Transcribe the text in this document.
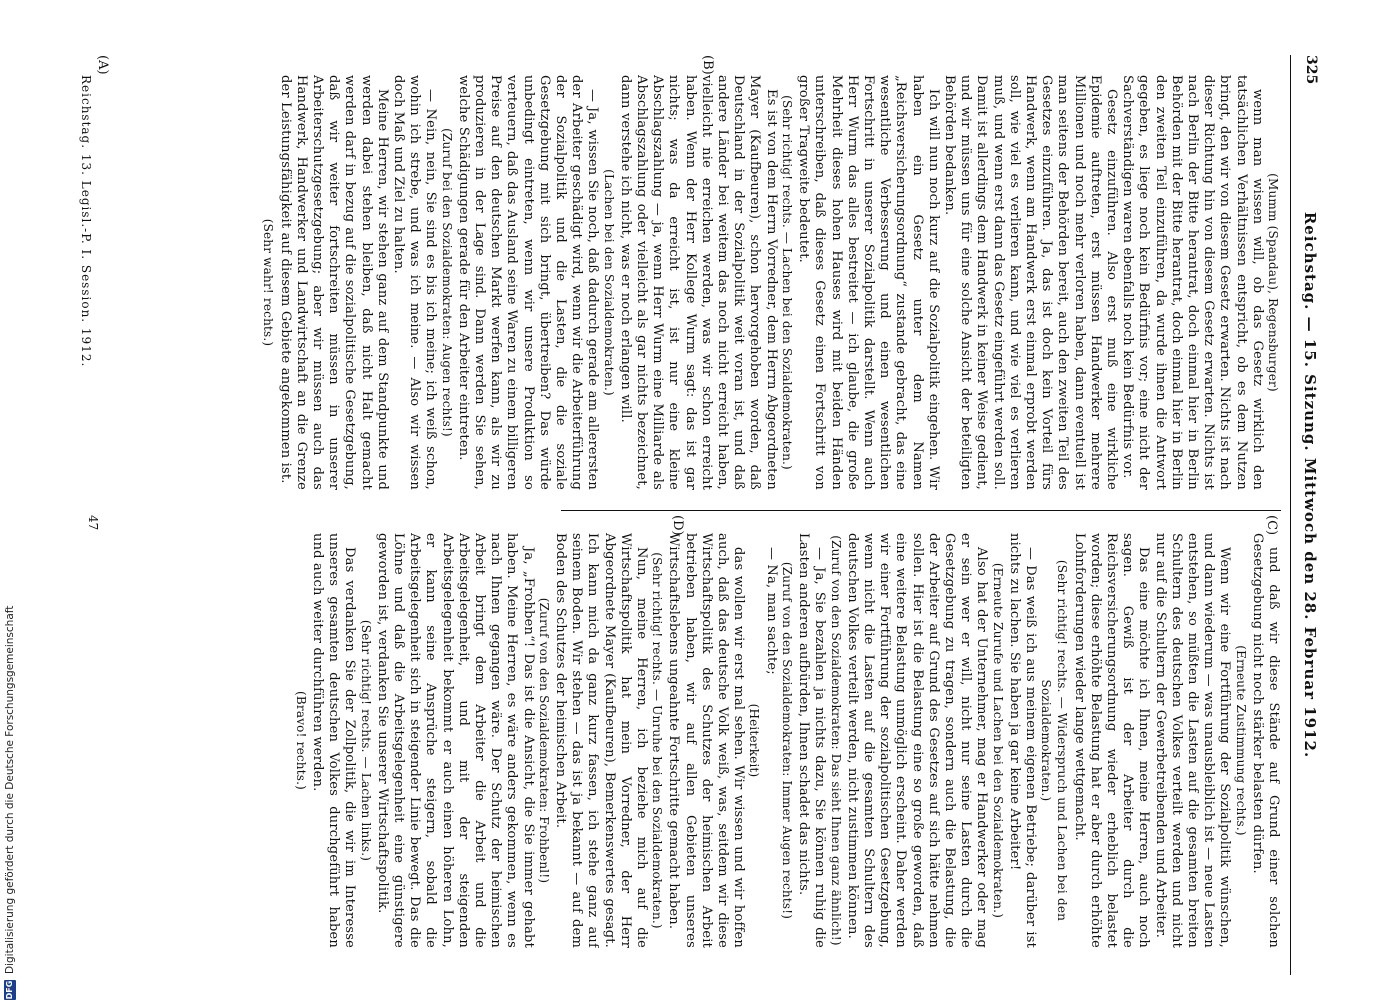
325
Reichstag. — 15. Sitzung. Mittwoch den 28. Februar 1912.
(C)
(D)
(A)	(B)

(Mumm (Spandau), Regensburger)

wenn man wissen will, ob das Gesetz wirklich den tatsächlichen Verhältnissen entspricht, ob es dem Nutzen bringt, den wir von diesem Gesetz erwarten. Nichts ist nach dieser Richtung hin von diesem Gesetz erwarten. Nichts ist nach Berlin der Bitte herantrat, doch einmal hier in Berlin Behörden mit der Bitte herantrat, doch einmal hier in Berlin den zweiten Teil einzuführen, da wurde ihnen die Antwort gegeben, es liege noch kein Bedürfnis vor; eine nicht der Sachverständigen waren ebenfalls noch kein Bedürfnis vor.

Gesetz einzuführen. Also erst muß eine wirkliche Epidemie auftreten, erst müssen Handwerker mehrere Millionen und noch mehr verloren haben, dann eventuell ist man seitens der Behörden bereit, auch den zweiten Teil des Gesetzes einzuführen. Ja, das ist doch kein Vorteil fürs Handwerk, wenn am Handwerk erst einmal erprobt werden soll, wie viel es verlieren kann, und wie viel es verlieren muß, und wenn erst dann das Gesetz eingeführt werden soll. Damit ist allerdings dem Handwerk in keiner Weise gedient, und wir müssen uns für eine solche Ansicht der beteiligten Behörden bedanken.

Ich will nun noch kurz auf die Sozialpolitik eingehen. Wir haben ein Gesetz unter dem Namen „Reichsversicherungsordnung“ zustande gebracht, das eine wesentliche Verbesserung und einen wesentlichen Fortschritt in unserer Sozialpolitik darstellt. Wenn auch Herr Wurm das alles bestreitet — ich glaube, die große Mehrheit dieses hohen Hauses wird mit beiden Händen unterschreiben, daß dieses Gesetz einen Fortschritt von großer Tragweite bedeutet.

(Sehr richtig! rechts. — Lachen bei den Sozialdemokraten.)

Es ist von dem Herrn Vorredner, dem Herrn Abgeordneten Mayer (Kaufbeuren), schon hervorgehoben worden, daß Deutschland in der Sozialpolitik weit voran ist, und daß andere Länder bei weitem das noch nicht erreicht haben, vielleicht nie erreichen werden, was wir schon erreicht haben. Wenn der Herr Kollege Wurm sagt: das ist gar nichts; was da erreicht ist, ist nur eine kleine Abschlagszahlung — ja, wenn Herr Wurm eine Milliarde als Abschlagszahlung oder vielleicht als gar nichts bezeichnet, dann verstehe ich nicht, was er noch erlangen will.

(Lachen bei den Sozialdemokraten.)

— Ja, wissen Sie noch, daß dadurch gerade am allerersten der Arbeiter geschädigt wird, wenn wir die Arbeiterführung der Sozialpolitik und die Lasten, die die soziale Gesetzgebung mit sich bringt, übertreiben? Das würde unbedingt eintreten, wenn wir unsere Produktion so verteuern, daß das Ausland seine Waren zu einem billigeren Preise auf den deutschen Markt werfen kann, als wir zu produzieren in der Lage sind. Dann werden Sie sehen, welche Schädigungen gerade für den Arbeiter eintreten.

(Zuruf bei den Sozialdemokraten: Augen rechts!)

— Nein, nein, Sie sind es bis ich meine; ich weiß schon, wohin ich strebe, und was ich meine. — Also wir wissen doch Maß und Ziel zu halten.

Meine Herren, wir stehen ganz auf dem Standpunkte und werden dabei stehen bleiben, daß nicht Halt gemacht werden darf in bezug auf die sozialpolitische Gesetzgebung, daß wir weiter fortschreiten müssen in unserer Arbeiterschutzgesetzgebung; aber wir müssen auch das Handwerk, Handwerker und Landwirtschaft an die Grenze der Leistungsfähigkeit auf diesem Gebiete angekommen ist.

(Sehr wahr! rechts.)

und daß wir diese Stände auf Grund einer solchen Gesetzgebung nicht noch stärker belasten dürfen.

(Erneute Zustimmung rechts.)

Wenn wir eine Fortführung der Sozialpolitik wünschen, und dann wiederum — was unausbleiblich ist — neue Lasten entstehen, so müßten die Lasten auf die gesamten breiten Schultern des deutschen Volkes verteilt werden und nicht nur auf die Schultern der Gewerbetreibenden und Arbeiter.

Das eine möchte ich Ihnen, meine Herren, auch noch sagen. Gewiß ist der Arbeiter durch die Reichsversicherungsordnung wieder erheblich belastet worden; diese erhöhte Belastung hat er aber durch erhöhte Lohnforderungen wieder lange wettgemacht.

(Sehr richtig! rechts. — Widerspruch und Lachen bei den Sozialdemokraten.)

— Das weiß ich aus meinem eigenen Betriebe; darüber ist nichts zu lachen. Sie haben ja gar keine Arbeiter!

(Erneute Zurufe und Lachen bei den Sozialdemokraten.)

Also hat der Unternehmer, mag er Handwerker oder mag er sein wer er will, nicht nur seine Lasten durch die Gesetzgebung zu tragen, sondern auch die Belastung, die der Arbeiter auf Grund des Gesetzes auf sich hätte nehmen sollen. Hier ist die Belastung eine so große geworden, daß eine weitere Belastung unmöglich erscheint. Daher werden wir einer Fortführung der sozialpolitischen Gesetzgebung, wenn nicht die Lasten auf die gesamten Schultern des deutschen Volkes verteilt werden, nicht zustimmen können.

(Zuruf von den Sozialdemokraten: Das sieht Ihnen ganz ähnlich!)

— Ja, Sie bezahlen ja nichts dazu, Sie können ruhig die Lasten anderen aufbürden, Ihnen schadet das nichts.

(Zuruf von den Sozialdemokraten: Immer Augen rechts!)

— Na, man sachte;

(Heiterkeit)

das wollen wir erst mal sehen. Wir wissen und wir hoffen auch, daß das deutsche Volk weiß, was, seitdem wir diese Wirtschaftspolitik des Schutzes der heimischen Arbeit betrieben haben, wir auf allen Gebieten unseres Wirtschaftslebens ungeahnte Fortschritte gemacht haben.

(Sehr richtig! rechts. — Unruhe bei den Sozialdemokraten.)

Nun, meine Herren, ich beziehe mich auf die Wirtschaftspolitik hat mein Vorredner, der Herr Abgeordnete Mayer (Kaufbeuren), Bemerkenswertes gesagt. Ich kann mich da ganz kurz fassen, ich stehe ganz auf seinem Boden. Wir stehen — das ist ja bekannt — auf dem Boden des Schutzes der heimischen Arbeit.

(Zuruf von den Sozialdemokraten: Frohbenl!)

Ja, „Frohben“! Das ist die Ansicht, die Sie immer gehabt haben. Meine Herren, es wäre anders gekommen, wenn es nach Ihnen gegangen wäre. Der Schutz der heimischen Arbeit bringt dem Arbeiter die Arbeit und die Arbeitsgelegenheit, und mit der steigenden Arbeitsgelegenheit bekommt er auch einen höheren Lohn, er kann seine Ansprüche steigern, sobald die Arbeitsgelegenheit sich in steigender Linie bewegt. Das die Löhne und daß die Arbeitsgelegenheit eine günstigere geworden ist, verdanken Sie unserer Wirtschaftspolitik.

(Sehr richtig! rechts. — Lachen links.)

Das verdanken Sie der Zollpolitik, die wir im Interesse unseres gesamten deutschen Volkes durchgeführt haben und auch weiter durchführen werden.

(Bravo! rechts.)

Reichstag. 13. Legisl.-P. I. Session. 1912.
47
DFG
Digitalisierung gefördert durch die Deutsche Forschungsgemeinschaft
